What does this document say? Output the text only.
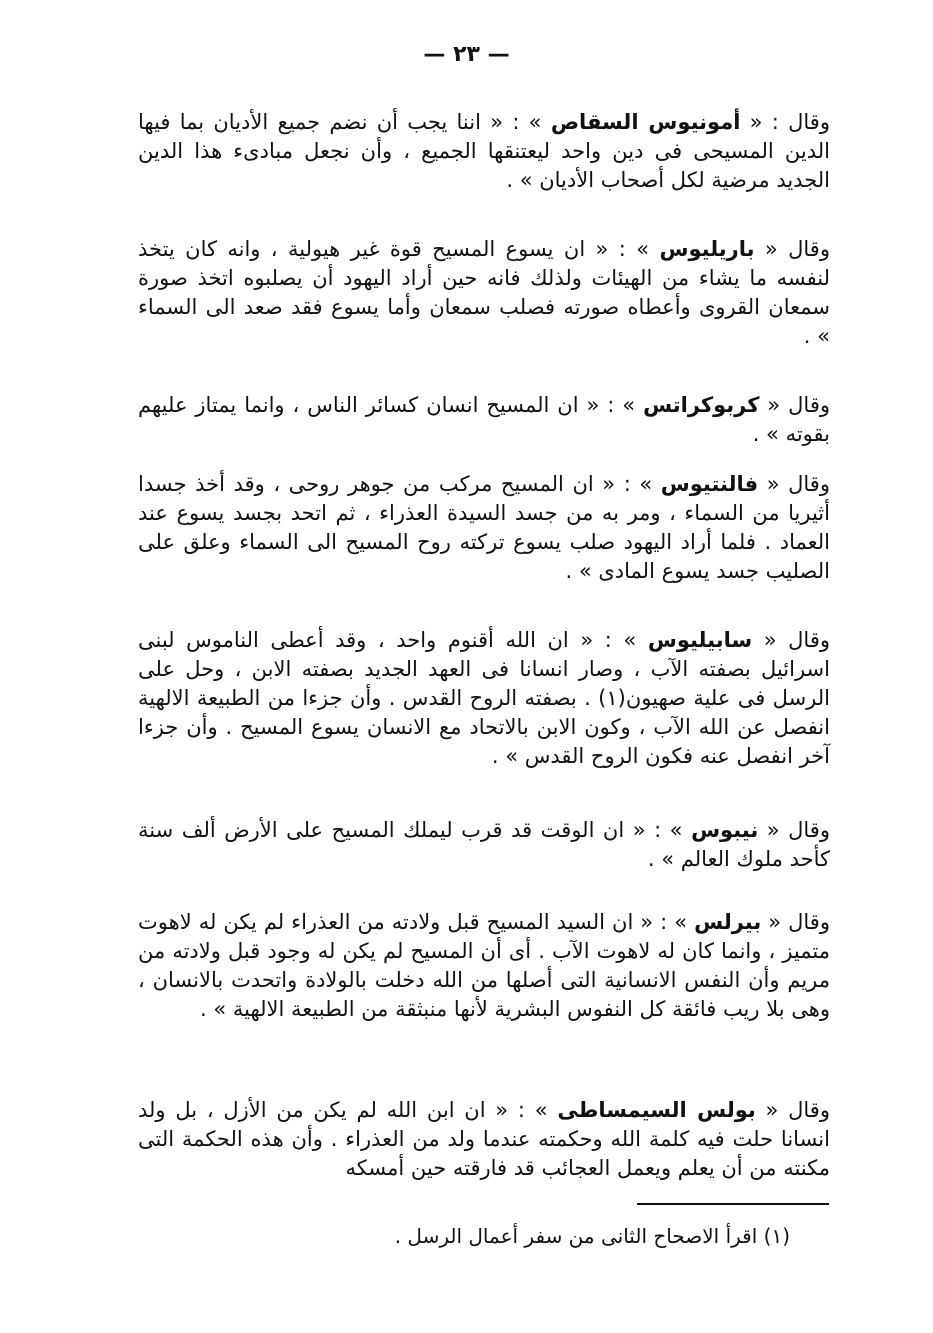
— ٢٣ —

وقال : « أمونيوس السقاص » : « اننا يجب أن نضم جميع الأديان بما فيها الدين المسيحى فى دين واحد ليعتنقها الجميع ، وأن نجعل مبادىء هذا الدين الجديد مرضية لكل أصحاب الأديان » .

وقال « باريليوس » : « ان يسوع المسيح قوة غير هيولية ، وانه كان يتخذ لنفسه ما يشاء من الهيئات ولذلك فانه حين أراد اليهود أن يصلبوه اتخذ صورة سمعان القروى وأعطاه صورته فصلب سمعان وأما يسوع فقد صعد الى السماء » .

وقال « كربوكراتس » : « ان المسيح انسان كسائر الناس ، وانما يمتاز عليهم بقوته » .

وقال « فالنتيوس » : « ان المسيح مركب من جوهر روحى ، وقد أخذ جسدا أثيريا من السماء ، ومر به من جسد السيدة العذراء ، ثم اتحد بجسد يسوع عند العماد . فلما أراد اليهود صلب يسوع تركته روح المسيح الى السماء وعلق على الصليب جسد يسوع المادى » .

وقال « سابيليوس » : « ان الله أقنوم واحد ، وقد أعطى الناموس لبنى اسرائيل بصفته الآب ، وصار انسانا فى العهد الجديد بصفته الابن ، وحل على الرسل فى علية صهيون(١) . بصفته الروح القدس . وأن جزءا من الطبيعة الالهية انفصل عن الله الآب ، وكون الابن بالاتحاد مع الانسان يسوع المسيح . وأن جزءا آخر انفصل عنه فكون الروح القدس » .

وقال « نيبوس » : « ان الوقت قد قرب ليملك المسيح على الأرض ألف سنة كأحد ملوك العالم » .

وقال « بيرلس » : « ان السيد المسيح قبل ولادته من العذراء لم يكن له لاهوت متميز ، وانما كان له لاهوت الآب . أى أن المسيح لم يكن له وجود قبل ولادته من مريم وأن النفس الانسانية التى أصلها من الله دخلت بالولادة واتحدت بالانسان ، وهى بلا ريب فائقة كل النفوس البشرية لأنها منبثقة من الطبيعة الالهية » .

وقال « بولس السيمساطى » : « ان ابن الله لم يكن من الأزل ، بل ولد انسانا حلت فيه كلمة الله وحكمته عندما ولد من العذراء . وأن هذه الحكمة التى مكنته من أن يعلم ويعمل العجائب قد فارقته حين أمسكه

(١) اقرأ الاصحاح الثانى من سفر أعمال الرسل .
